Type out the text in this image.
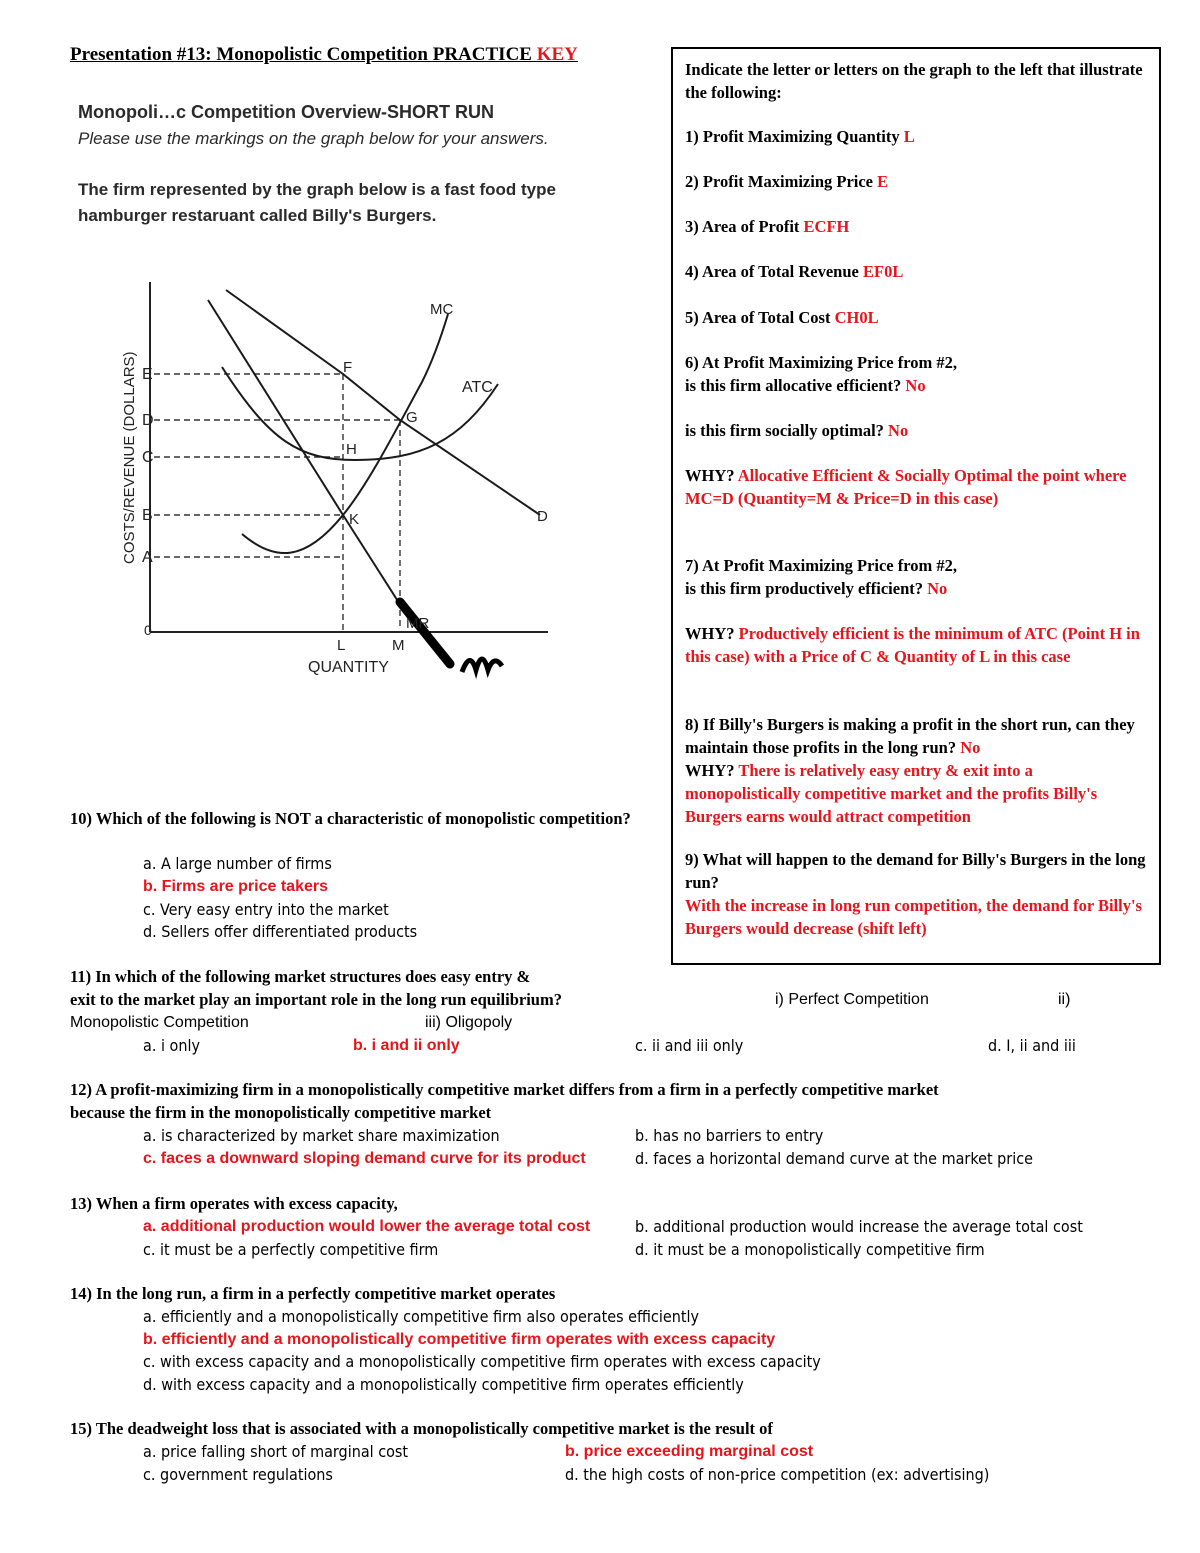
Presentation #13: Monopolistic Competition PRACTICE KEY
Monopoli…c Competition Overview-SHORT RUN
Please use the markings on the graph below for your answers.
The firm represented by the graph below is a fast food type
hamburger restaruant called Billy's Burgers.
COSTS/REVENUE (DOLLARS) E
D
C
B
A
0
L	M
QUANTITY
MC
ATC
D
MR
F
G
H
K
Indicate the letter or letters on the graph to the left that illustrate the following:
1) Profit Maximizing Quantity L
2) Profit Maximizing Price E
3) Area of Profit ECFH
4) Area of Total Revenue EF0L
5) Area of Total Cost CH0L
6) At Profit Maximizing Price from #2,
is this firm allocative efficient? No
is this firm socially optimal? No
WHY? Allocative Efficient & Socially Optimal the point where MC=D (Quantity=M & Price=D in this case)
7) At Profit Maximizing Price from #2,
is this firm productively efficient? No
WHY? Productively efficient is the minimum of ATC (Point H in this case) with a Price of C & Quantity of L in this case
8) If Billy's Burgers is making a profit in the short run, can they maintain those profits in the long run? No
WHY? There is relatively easy entry & exit into a monopolistically competitive market and the profits Billy's Burgers earns would attract competition
9) What will happen to the demand for Billy's Burgers in the long run?
With the increase in long run competition, the demand for Billy's Burgers would decrease (shift left)
10) Which of the following is NOT a characteristic of monopolistic competition?
a. A large number of firms
b. Firms are price takers
c. Very easy entry into the market
d. Sellers offer differentiated products
11) In which of the following market structures does easy entry &
exit to the market play an important role in the long run equilibrium?	i) Perfect Competition	ii)
Monopolistic Competition	iii) Oligopoly
a. i only	b. i and ii only	c. ii and iii only	d. I, ii and iii
12) A profit-maximizing firm in a monopolistically competitive market differs from a firm in a perfectly competitive market
because the firm in the monopolistically competitive market
a. is characterized by market share maximization	b. has no barriers to entry
c. faces a downward sloping demand curve for its product	d. faces a horizontal demand curve at the market price
13) When a firm operates with excess capacity,
a. additional production would lower the average total cost	b. additional production would increase the average total cost
c. it must be a perfectly competitive firm	d. it must be a monopolistically competitive firm
14) In the long run, a firm in a perfectly competitive market operates
a. efficiently and a monopolistically competitive firm also operates efficiently
b. efficiently and a monopolistically competitive firm operates with excess capacity
c. with excess capacity and a monopolistically competitive firm operates with excess capacity
d. with excess capacity and a monopolistically competitive firm operates efficiently
15) The deadweight loss that is associated with a monopolistically competitive market is the result of
a. price falling short of marginal cost	b. price exceeding marginal cost
c. government regulations	d. the high costs of non-price competition (ex: advertising)
